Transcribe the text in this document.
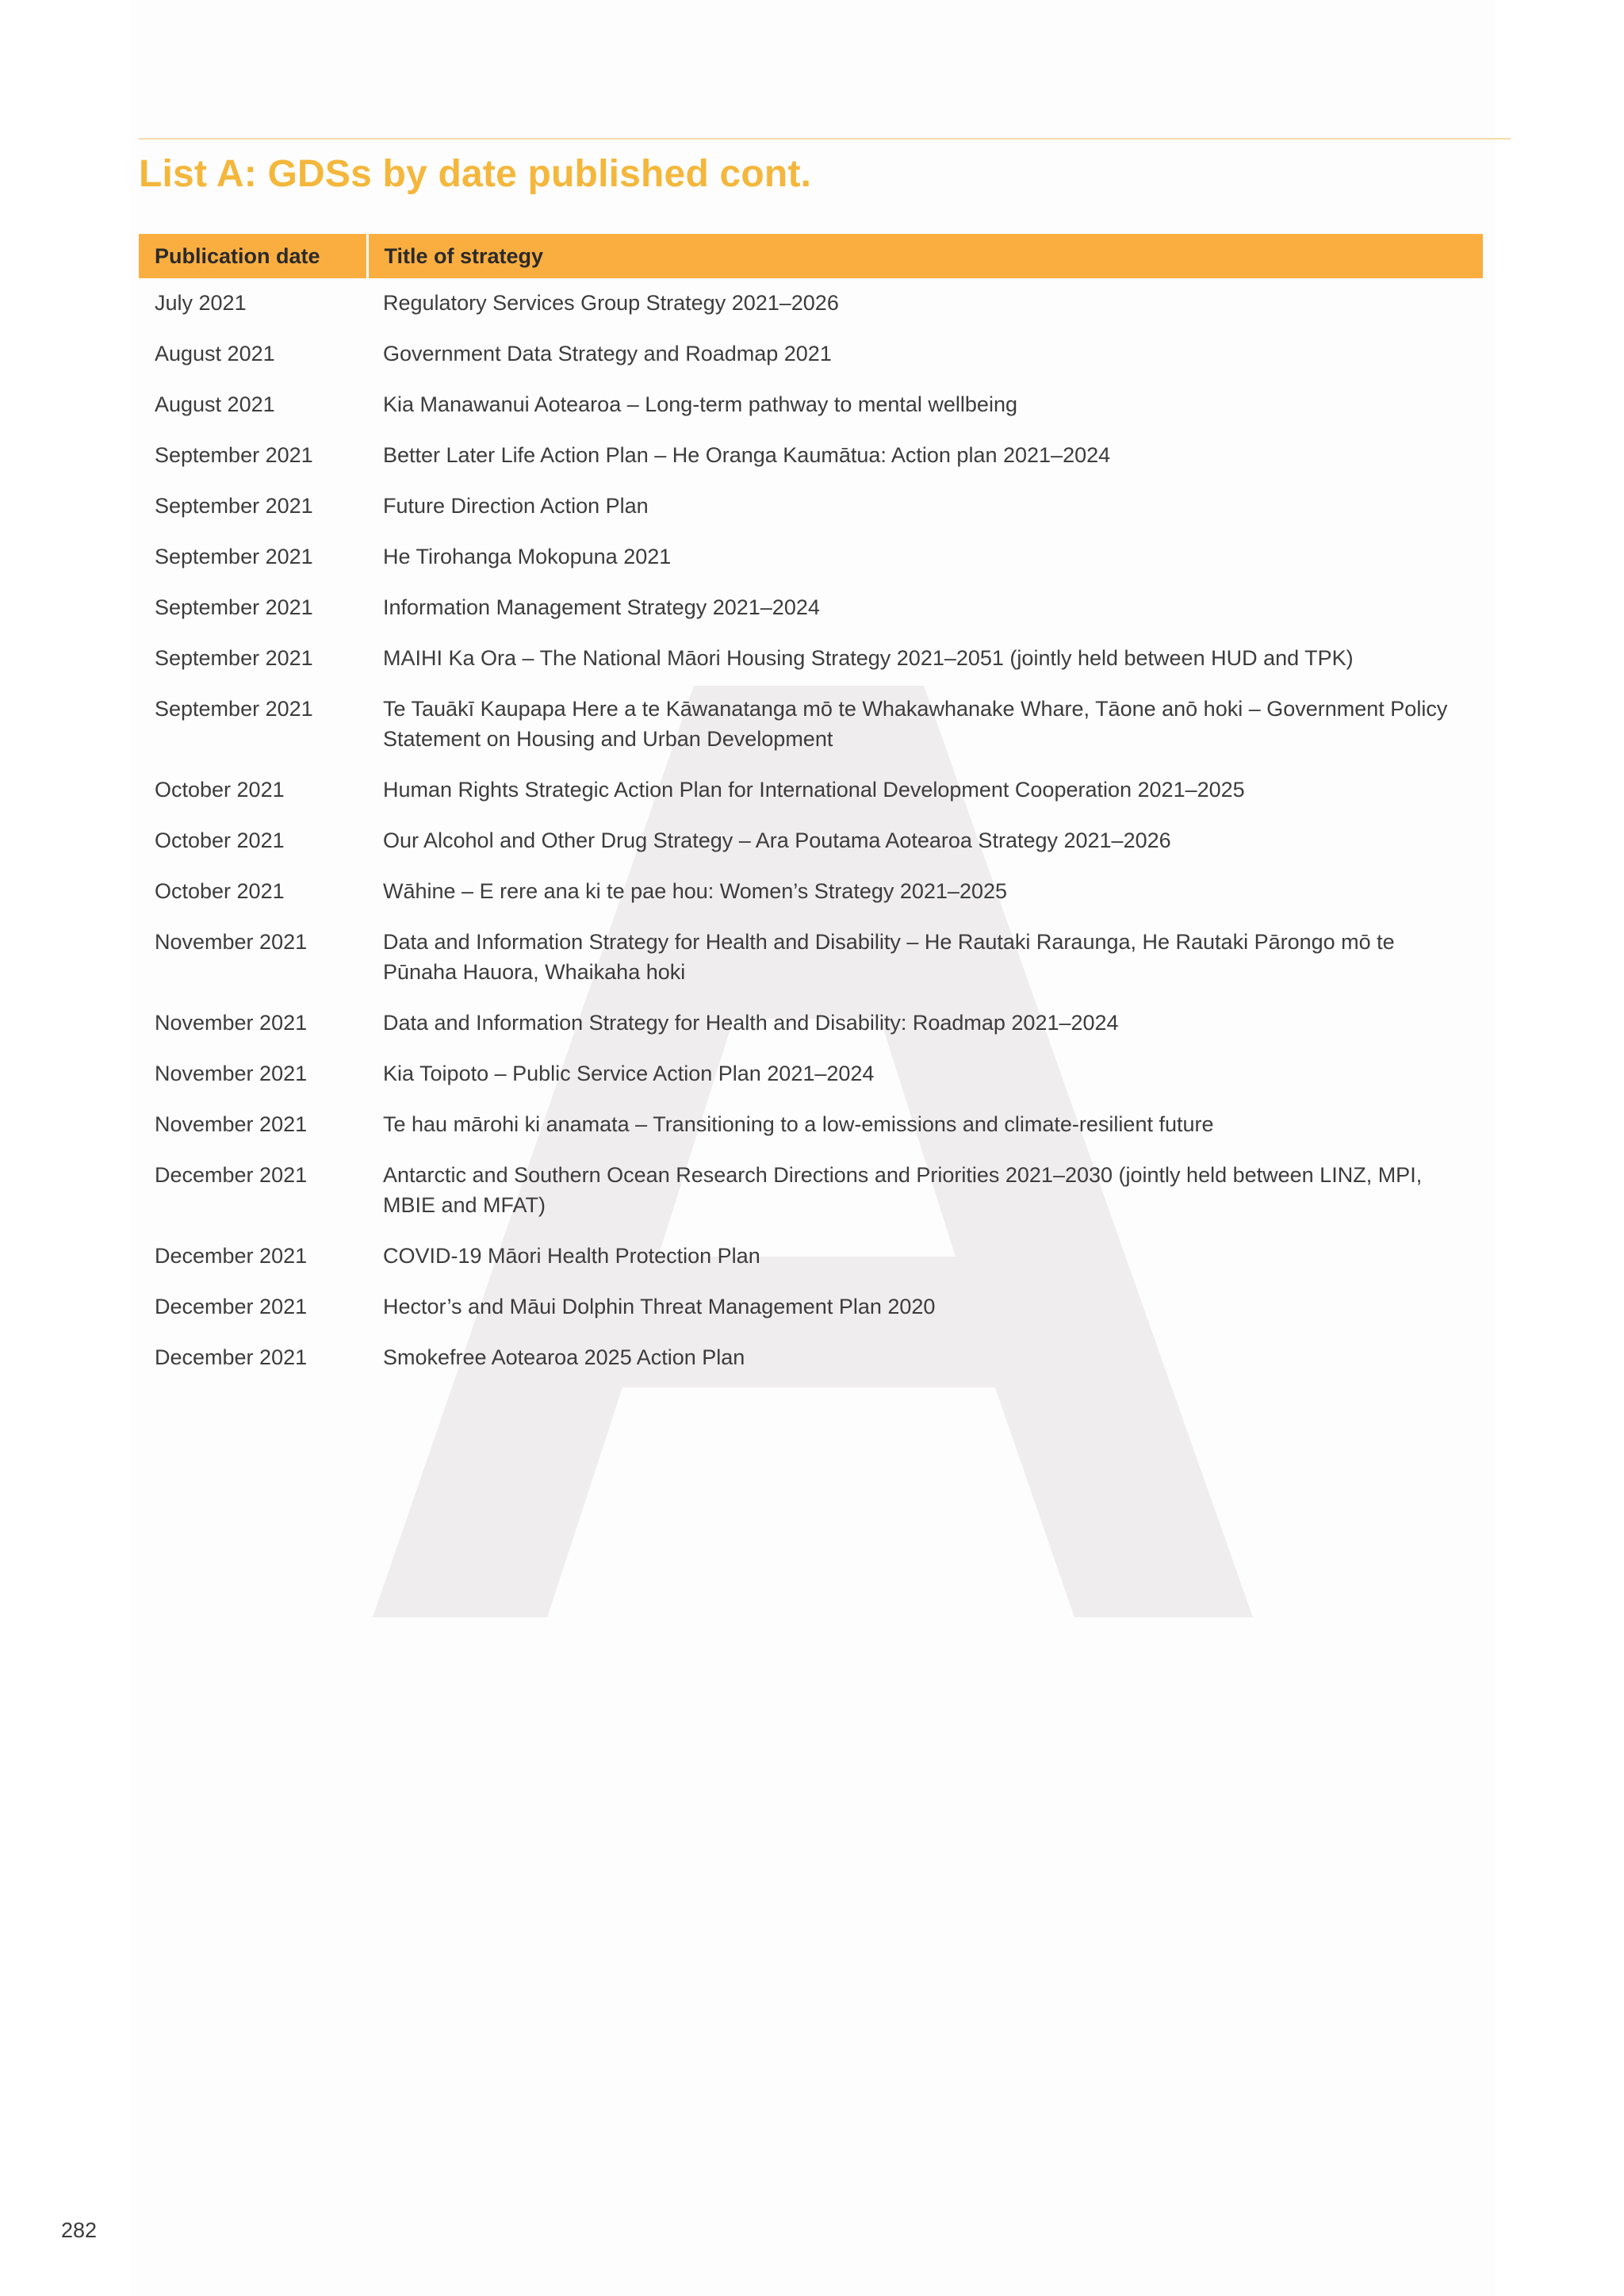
List A: GDSs by date published cont.
Publication date	Title of strategy
July 2021	Regulatory Services Group Strategy 2021–2026
August 2021	Government Data Strategy and Roadmap 2021
August 2021	Kia Manawanui Aotearoa – Long-term pathway to mental wellbeing
September 2021	Better Later Life Action Plan – He Oranga Kaumātua: Action plan 2021–2024
September 2021	Future Direction Action Plan
September 2021	He Tirohanga Mokopuna 2021
September 2021	Information Management Strategy 2021–2024
September 2021	MAIHI Ka Ora – The National Māori Housing Strategy 2021–2051 (jointly held between HUD and TPK)
September 2021	Te Tauākī Kaupapa Here a te Kāwanatanga mō te Whakawhanake Whare, Tāone anō hoki – Government Policy Statement on Housing and Urban Development
October 2021	Human Rights Strategic Action Plan for International Development Cooperation 2021–2025
October 2021	Our Alcohol and Other Drug Strategy – Ara Poutama Aotearoa Strategy 2021–2026
October 2021	Wāhine – E rere ana ki te pae hou: Women’s Strategy 2021–2025
November 2021	Data and Information Strategy for Health and Disability – He Rautaki Raraunga, He Rautaki Pārongo mō te Pūnaha Hauora, Whaikaha hoki
November 2021	Data and Information Strategy for Health and Disability: Roadmap 2021–2024
November 2021	Kia Toipoto – Public Service Action Plan 2021–2024
November 2021	Te hau mārohi ki anamata – Transitioning to a low-emissions and climate-resilient future
December 2021	Antarctic and Southern Ocean Research Directions and Priorities 2021–2030 (jointly held between LINZ, MPI, MBIE and MFAT)
December 2021	COVID-19 Māori Health Protection Plan
December 2021	Hector’s and Māui Dolphin Threat Management Plan 2020
December 2021	Smokefree Aotearoa 2025 Action Plan
282
